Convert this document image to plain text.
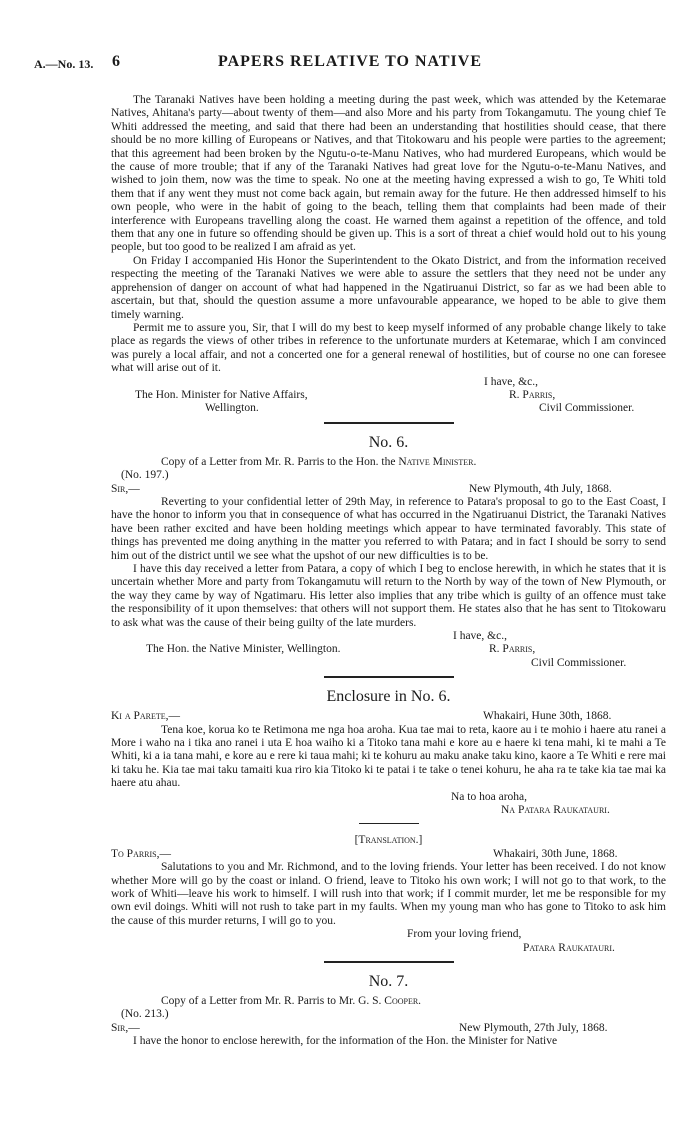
A.—No. 13. 6	PAPERS RELATIVE TO NATIVE

The Taranaki Natives have been holding a meeting during the past week, which was attended by the Ketemarae Natives, Ahitana's party—about twenty of them—and also More and his party from Tokangamutu. The young chief Te Whiti addressed the meeting, and said that there had been an understanding that hostilities should cease, that there should be no more killing of Europeans or Natives, and that Titokowaru and his people were parties to the agreement; that this agreement had been broken by the Ngutu-o-te-Manu Natives, who had murdered Europeans, which would be the cause of more trouble; that if any of the Taranaki Natives had great love for the Ngutu-o-te-Manu Natives, and wished to join them, now was the time to speak. No one at the meeting having expressed a wish to go, Te Whiti told them that if any went they must not come back again, but remain away for the future. He then addressed himself to his own people, who were in the habit of going to the beach, telling them that complaints had been made of their interference with Europeans travelling along the coast. He warned them against a repetition of the offence, and told them that any one in future so offending should be given up. This is a sort of threat a chief would hold out to his young people, but too good to be realized I am afraid as yet.

On Friday I accompanied His Honor the Superintendent to the Okato District, and from the information received respecting the meeting of the Taranaki Natives we were able to assure the settlers that they need not be under any apprehension of danger on account of what had happened in the Ngatiruanui District, so far as we had been able to ascertain, but that, should the question assume a more unfavourable appearance, we hoped to be able to give them timely warning.

Permit me to assure you, Sir, that I will do my best to keep myself informed of any probable change likely to take place as regards the views of other tribes in reference to the unfortunate murders at Ketemarae, which I am convinced was purely a local affair, and not a concerted one for a general renewal of hostilities, but of course no one can foresee what will arise out of it.

I have, &c.,
The Hon. Minister for Native Affairs,	R. Parris,
Wellington.	Civil Commissioner.
No. 6.

Copy of a Letter from Mr. R. Parris to the Hon. the Native Minister.

(No. 197.)
Sir,—	New Plymouth, 4th July, 1868.

Reverting to your confidential letter of 29th May, in reference to Patara's proposal to go to the East Coast, I have the honor to inform you that in consequence of what has occurred in the Ngatiruanui District, the Taranaki Natives have been rather excited and have been holding meetings which appear to have terminated favorably. This state of things has prevented me doing anything in the matter you referred to with Patara; and in fact I should be sorry to send him out of the district until we see what the upshot of our new difficulties is to be.

I have this day received a letter from Patara, a copy of which I beg to enclose herewith, in which he states that it is uncertain whether More and party from Tokangamutu will return to the North by way of the town of New Plymouth, or the way they came by way of Ngatimaru. His letter also implies that any tribe which is guilty of an offence must take the responsibility of it upon themselves: that others will not support them. He states also that he has sent to Titokowaru to ask what was the cause of their being guilty of the late murders.

I have, &c.,
The Hon. the Native Minister, Wellington.	R. Parris,
Civil Commissioner.
Enclosure in No. 6.
Ki a Parete,—	Whakairi, Hune 30th, 1868.

Tena koe, korua ko te Retimona me nga hoa aroha. Kua tae mai to reta, kaore au i te mohio i haere atu ranei a More i waho na i tika ano ranei i uta E hoa waiho ki a Titoko tana mahi e kore au e haere ki tena mahi, ki te mahi a Te Whiti, ki a ia tana mahi, e kore au e rere ki taua mahi; ki te kohuru au maku anake taku kino, kaore a Te Whiti e rere mai ki taku he. Kia tae mai taku tamaiti kua riro kia Titoko ki te patai i te take o tenei kohuru, he aha ra te take kia tae mai ka haere atu ahau.

Na to hoa aroha,
Na Patara Raukatauri.
[Translation.]
To Parris,—	Whakairi, 30th June, 1868.

Salutations to you and Mr. Richmond, and to the loving friends. Your letter has been received. I do not know whether More will go by the coast or inland. O friend, leave to Titoko his own work; I will not go to that work, to the work of Whiti—leave his work to himself. I will rush into that work; if I commit murder, let me be responsible for my own evil doings. Whiti will not rush to take part in my faults. When my young man who has gone to Titoko to ask him the cause of this murder returns, I will go to you.

From your loving friend,
Patara Raukatauri.
No. 7.

Copy of a Letter from Mr. R. Parris to Mr. G. S. Cooper.

(No. 213.)
Sir,—	New Plymouth, 27th July, 1868.

I have the honor to enclose herewith, for the information of the Hon. the Minister for Native
